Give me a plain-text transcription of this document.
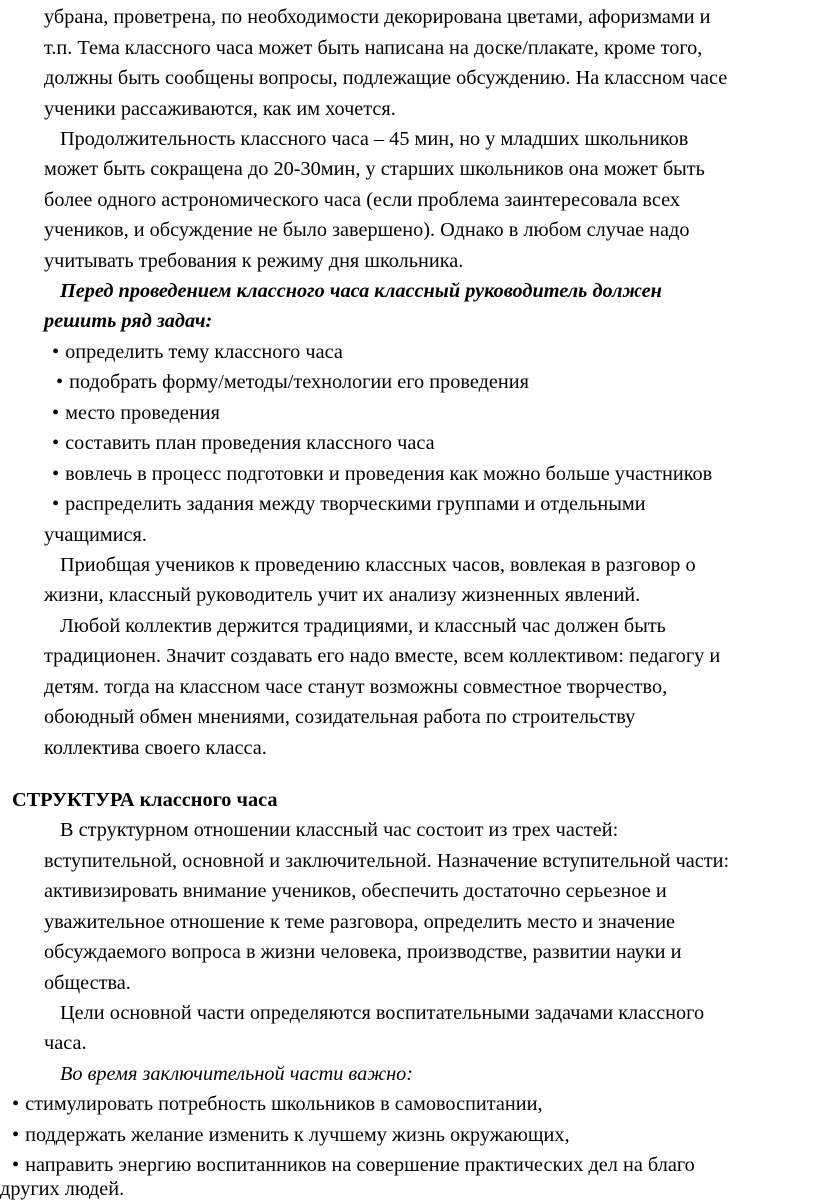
убрана, проветрена, по необходимости декорирована цветами, афоризмами и
т.п. Тема классного часа может быть написана на доске/плакате, кроме того,
должны быть сообщены вопросы, подлежащие обсуждению. На классном часе
ученики рассаживаются, как им хочется.
Продолжительность классного часа – 45 мин, но у младших школьников
может быть сокращена до 20-30мин, у старших школьников она может быть
более одного астрономического часа (если проблема заинтересовала всех
учеников, и обсуждение не было завершено). Однако в любом случае надо
учитывать требования к режиму дня школьника.
Перед проведением классного часа классный руководитель должен
решить ряд задач:
• определить тему классного часа
• подобрать форму/методы/технологии его проведения
• место проведения
• составить план проведения классного часа
• вовлечь в процесс подготовки и проведения как можно больше участников
• распределить задания между творческими группами и отдельными
учащимися.
Приобщая учеников к проведению классных часов, вовлекая в разговор о
жизни, классный руководитель учит их анализу жизненных явлений.
Любой коллектив держится традициями, и классный час должен быть
традиционен. Значит создавать его надо вместе, всем коллективом: педагогу и
детям. тогда на классном часе станут возможны совместное творчество,
обоюдный обмен мнениями, созидательная работа по строительству
коллектива своего класса.
СТРУКТУРА классного часа
В структурном отношении классный час состоит из трех частей:
вступительной, основной и заключительной. Назначение вступительной части:
активизировать внимание учеников, обеспечить достаточно серьезное и
уважительное отношение к теме разговора, определить место и значение
обсуждаемого вопроса в жизни человека, производстве, развитии науки и
общества.
Цели основной части определяются воспитательными задачами классного
часа.
Во время заключительной части важно:
• стимулировать потребность школьников в самовоспитании,
• поддержать желание изменить к лучшему жизнь окружающих,
• направить энергию воспитанников на совершение практических дел на благо
других людей.
